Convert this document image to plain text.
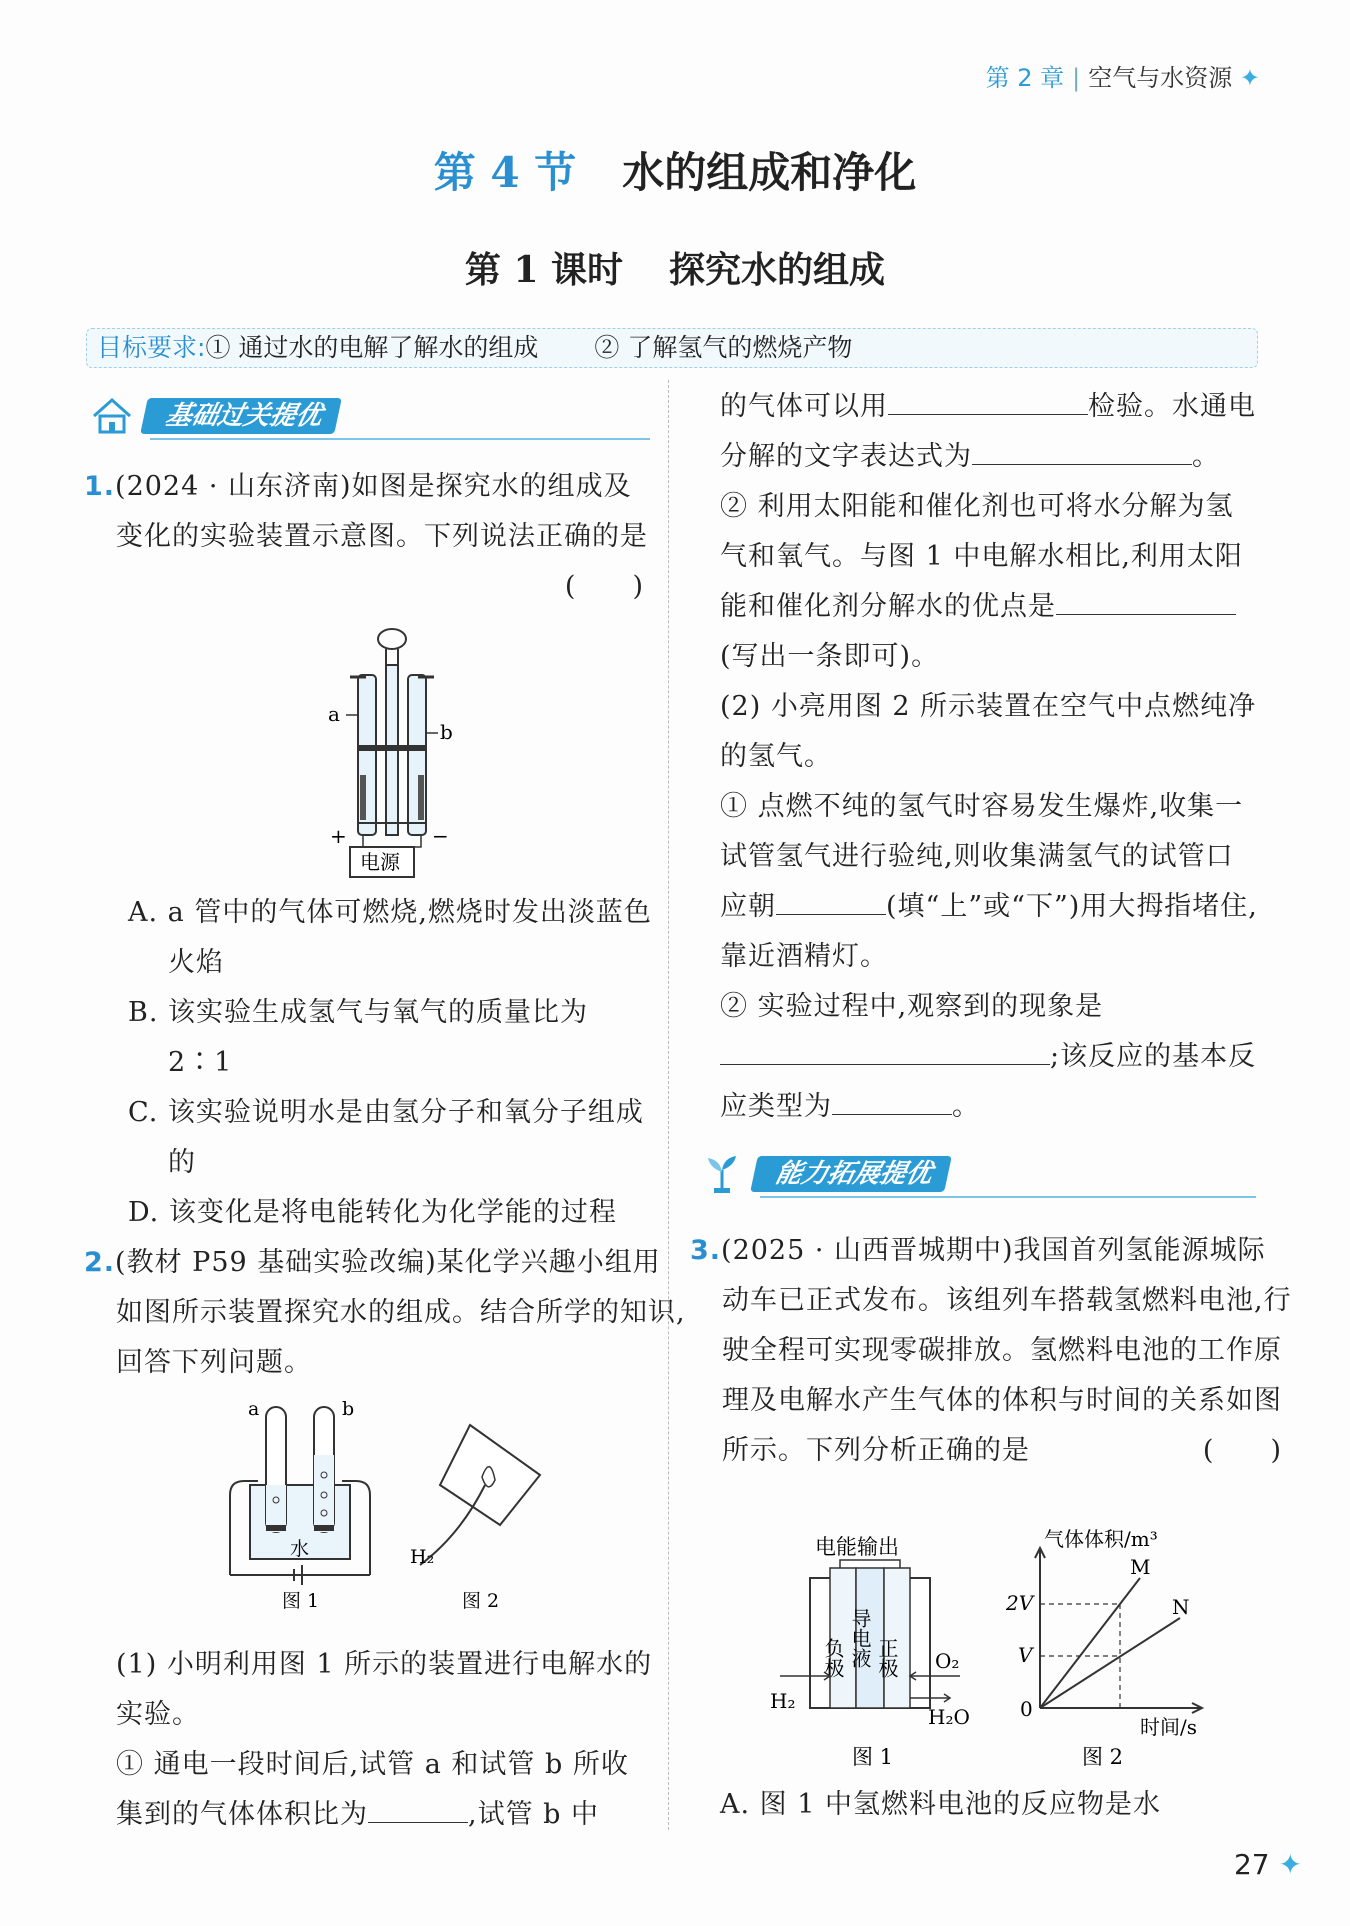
第 2 章 | 空气与水资源 ✦
第 4 节 水的组成和净化
第 1 课时 探究水的组成
目标要求:① 通过水的电解了解水的组成 ② 了解氢气的燃烧产物
基础过关提优
1.(2024 · 山东济南)如图是探究水的组成及变化的实验装置示意图。下列说法正确的是
(　　)
a
b
电源
+	−
A. a 管中的气体可燃烧,燃烧时发出淡蓝色火焰
B. 该实验生成氢气与氧气的质量比为 2∶1
C. 该实验说明水是由氢分子和氧分子组成的
D. 该变化是将电能转化为化学能的过程
2.(教材 P59 基础实验改编)某化学兴趣小组用如图所示装置探究水的组成。结合所学的知识,回答下列问题。
a	b
水
图 1
H₂
图 2
(1) 小明利用图 1 所示的装置进行电解水的实验。
① 通电一段时间后,试管 a 和试管 b 所收集到的气体体积比为	,试管 b 中
的气体可以用	检验。水通电分解的文字表达式为	。
② 利用太阳能和催化剂也可将水分解为氢气和氧气。与图 1 中电解水相比,利用太阳能和催化剂分解水的优点是(写出一条即可)。
(2) 小亮用图 2 所示装置在空气中点燃纯净的氢气。
① 点燃不纯的氢气时容易发生爆炸,收集一试管氢气进行验纯,则收集满氢气的试管口应朝	(填“上”或“下”)用大拇指堵住,靠近酒精灯。
② 实验过程中,观察到的现象是;该反应的基本反应类型为	。
能力拓展提优
3.(2025 · 山西晋城期中)我国首列氢能源城际动车已正式发布。该组列车搭载氢燃料电池,行驶全程可实现零碳排放。氢燃料电池的工作原理及电解水产生气体的体积与时间的关系如图所示。下列分析正确的是	(　　)
电能输出
负极 导电液 正极
H₂
O₂
H₂O
图 1
气体体积/m³
时间/s
2V
V
0
M
N
图 2
A. 图 1 中氢燃料电池的反应物是水
27 ✦
